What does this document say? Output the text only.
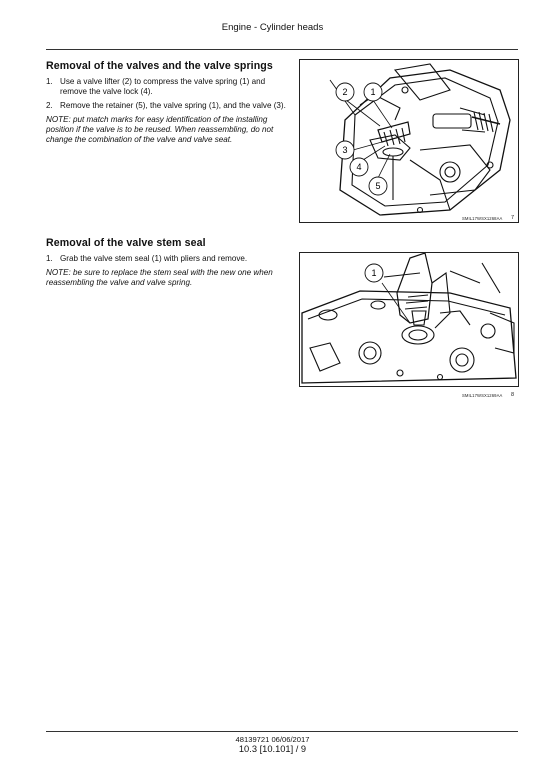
Engine - Cylinder heads
Removal of the valves and the valve springs
1. Use a valve lifter (2) to compress the valve spring (1) and remove the valve lock (4).
2. Remove the retainer (5), the valve spring (1), and the valve (3).

NOTE: put match marks for easy identification of the installing position if the valve is to be reused. When reassembling, do not change the combination of the valve and valve seat.

2	1
3
4
5
SMIL17WSX1268AA 7
Removal of the valve stem seal
1. Grab the valve stem seal (1) with pliers and remove.

NOTE: be sure to replace the stem seal with the new one when reassembling the valve and valve spring.

1
SMIL17WSX1269AA 8
48139721 06/06/2017
10.3 [10.101] / 9
